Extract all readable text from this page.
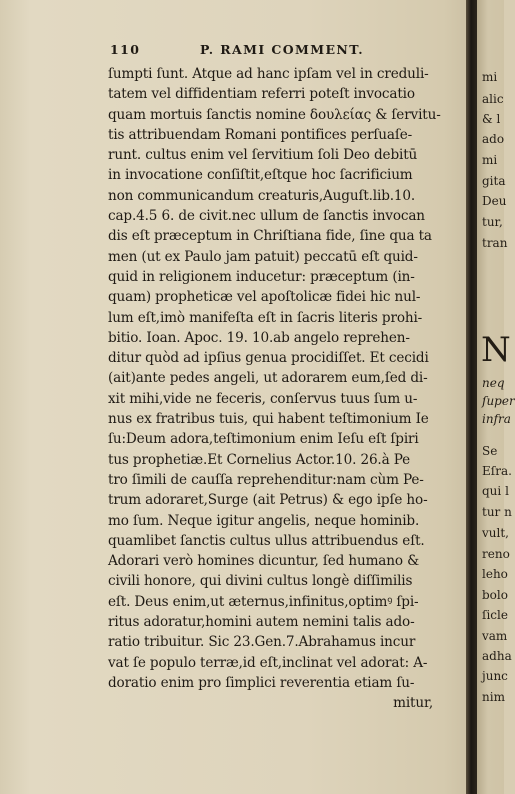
110	P. RAMI COMMENT.
ſumpti ſunt. Atque ad hanc ipſam vel in creduli-
tatem vel diffidentiam referri poteſt invocatio
quam mortuis ſanctis nomine δουλείας & ſervitu-
tis attribuendam Romani pontifices perſuaſe-
runt. cultus enim vel ſervitium ſoli Deo debitū
in invocatione conſiſtit,eſtque hoc ſacrificium
non communicandum creaturis,Auguſt.lib.10.
cap.4.5 6. de civit.nec ullum de ſanctis invocan
dis eſt præceptum in Chriſtiana fide, ſine qua ta
men (ut ex Paulo jam patuit) peccatū eſt quid-
quid in religionem inducetur: præceptum (in-
quam) propheticæ vel apoſtolicæ fidei hic nul-
lum eſt,imò manifeſta eſt in ſacris literis prohi-
bitio. Ioan. Apoc. 19. 10.ab angelo reprehen-
ditur quòd ad ipſius genua procidiſſet. Et cecidi
(ait)ante pedes angeli, ut adorarem eum,ſed di-
xit mihi,vide ne feceris, conſervus tuus ſum u-
nus ex fratribus tuis, qui habent teſtimonium Ie
ſu:Deum adora,teſtimonium enim Ieſu eſt ſpiri
tus prophetiæ.Et Cornelius Actor.10. 26.à Pe
tro ſimili de cauſſa reprehenditur:nam cùm Pe-
trum adoraret,Surge (ait Petrus) & ego ipſe ho-
mo ſum. Neque igitur angelis, neque hominib.
quamlibet ſanctis cultus ullus attribuendus eſt.
Adorari verò homines dicuntur, ſed humano &
civili honore, qui divini cultus longè diſſimilis
eſt. Deus enim,ut æternus,infinitus,optimꝰ ſpi-
ritus adoratur,homini autem nemini talis ado-
ratio tribuitur. Sic 23.Gen.7.Abrahamus incur
vat ſe populo terræ,id eſt,inclinat vel adorat: A-
doratio enim pro ſimplici reverentia etiam ſu-
mitur,
mi
alic
& l
ado
mi
gita
Deu
tur,
tran
N
neq
ſuper
infra
Se
Eſra.
qui l
tur n
vult,
reno
leho
bolo
ſicle
vam
adha
junc
nim
